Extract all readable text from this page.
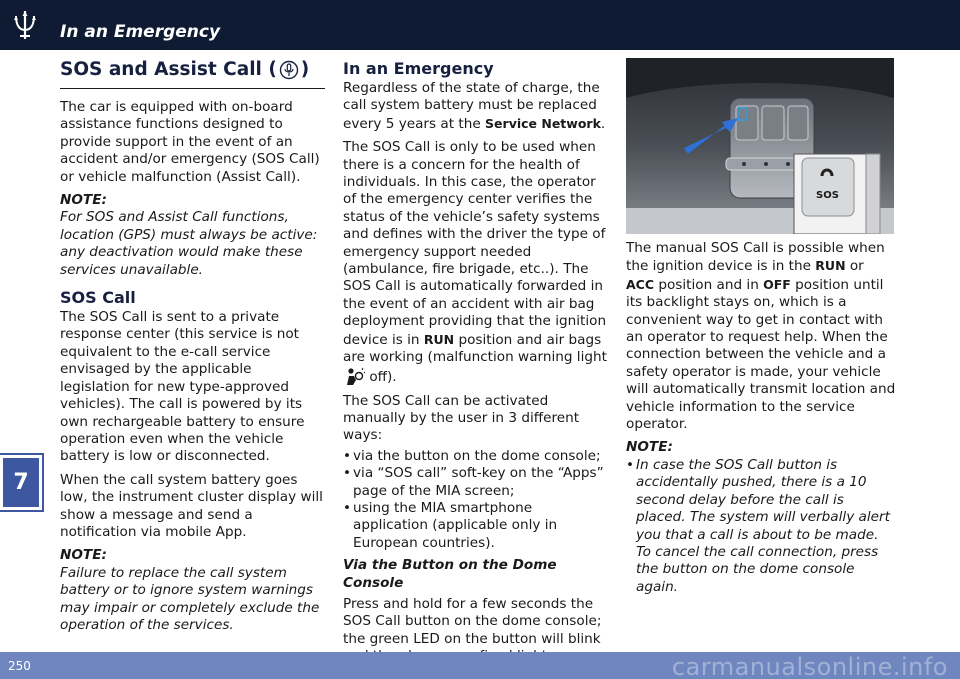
In an Emergency
7
SOS and Assist Call ( )

The car is equipped with on-board assistance functions designed to provide support in the event of an accident and/or emergency (SOS Call) or vehicle malfunction (Assist Call).

NOTE:

For SOS and Assist Call functions, location (GPS) must always be active: any deactivation would make these services unavailable.

SOS Call

The SOS Call is sent to a private response center (this service is not equivalent to the e-call service envisaged by the applicable legislation for new type-approved vehicles). The call is powered by its own rechargeable battery to ensure operation even when the vehicle battery is low or disconnected.

When the call system battery goes low, the instrument cluster display will show a message and send a notification via mobile App.

NOTE:

Failure to replace the call system battery or to ignore system warnings may impair or completely exclude the operation of the services.

In an Emergency

Regardless of the state of charge, the call system battery must be replaced every 5 years at the Service Network.

The SOS Call is only to be used when there is a concern for the health of individuals. In this case, the operator of the emergency center verifies the status of the vehicle’s safety systems and defines with the driver the type of emergency support needed (ambulance, fire brigade, etc..). The SOS Call is automatically forwarded in the event of an accident with air bag deployment providing that the ignition device is in RUN position and air bags are working (malfunction warning light  off).

The SOS Call can be activated manually by the user in 3 different ways:

• via the button on the dome console;
• via “SOS call” soft-key on the “Apps” page of the MIA screen;
• using the MIA smartphone application (applicable only in European countries).
Via the Button on the Dome Console

Press and hold for a few seconds the SOS Call button on the dome console; the green LED on the button will blink

SOS

The manual SOS Call is possible when the ignition device is in the RUN or ACC position and in OFF position until its backlight stays on, which is a convenient way to get in contact with an operator to request help. When the connection between the vehicle and a safety operator is made, your vehicle will automatically transmit location and vehicle information to the service operator.

NOTE:
• In case the SOS Call button is accidentally pushed, there is a 10 second delay before the call is placed. The system will verbally alert you that a call is about to be made. To cancel the call connection, press the button on the dome console again.
250	carmanualsonline.info
